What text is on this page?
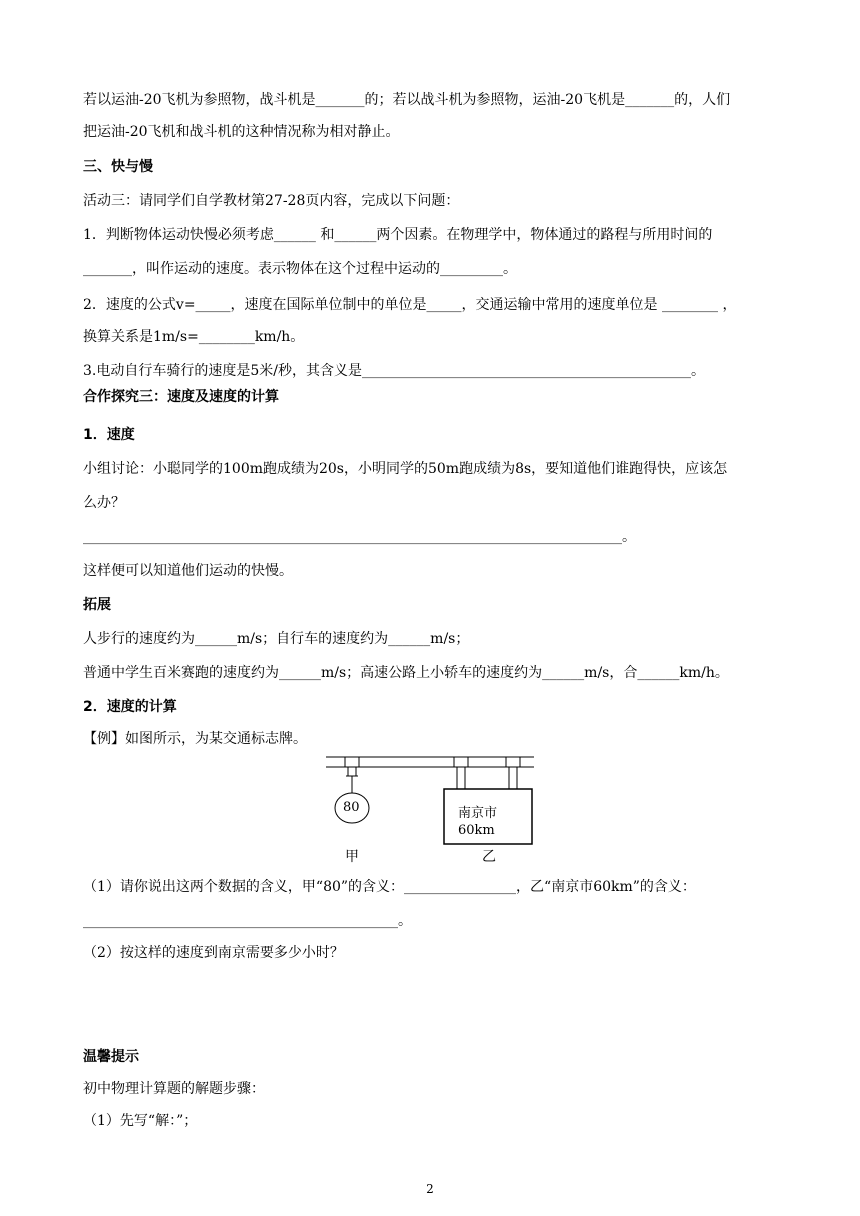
若以运油-20飞机为参照物，战斗机是_______的；若以战斗机为参照物，运油-20飞机是_______的，人们
把运油-20飞机和战斗机的这种情况称为相对静止。
三、快与慢
活动三：请同学们自学教材第27-28页内容，完成以下问题：
1．判断物体运动快慢必须考虑______ 和______两个因素。在物理学中，物体通过的路程与所用时间的
_______，叫作运动的速度。表示物体在这个过程中运动的_________。
2．速度的公式v=_____，速度在国际单位制中的单位是_____，交通运输中常用的速度单位是 ________ ，
换算关系是1m/s=________km/h。
3.电动自行车骑行的速度是5米/秒，其含义是_______________________________________________。
合作探究三：速度及速度的计算
1．速度
小组讨论：小聪同学的100m跑成绩为20s，小明同学的50m跑成绩为8s，要知道他们谁跑得快，应该怎
么办？
_____________________________________________________________________________。
这样便可以知道他们运动的快慢。
拓展
人步行的速度约为______m/s；自行车的速度约为______m/s；
普通中学生百米赛跑的速度约为______m/s；高速公路上小轿车的速度约为______m/s，合______km/h。
2．速度的计算
【例】如图所示，为某交通标志牌。
80	南京市
60km
甲	乙
（1）请你说出这两个数据的含义，甲“80”的含义：________________，乙“南京市60km”的含义：
_____________________________________________。
（2）按这样的速度到南京需要多少小时？
温馨提示
初中物理计算题的解题步骤：
（1）先写“解：”；
2
